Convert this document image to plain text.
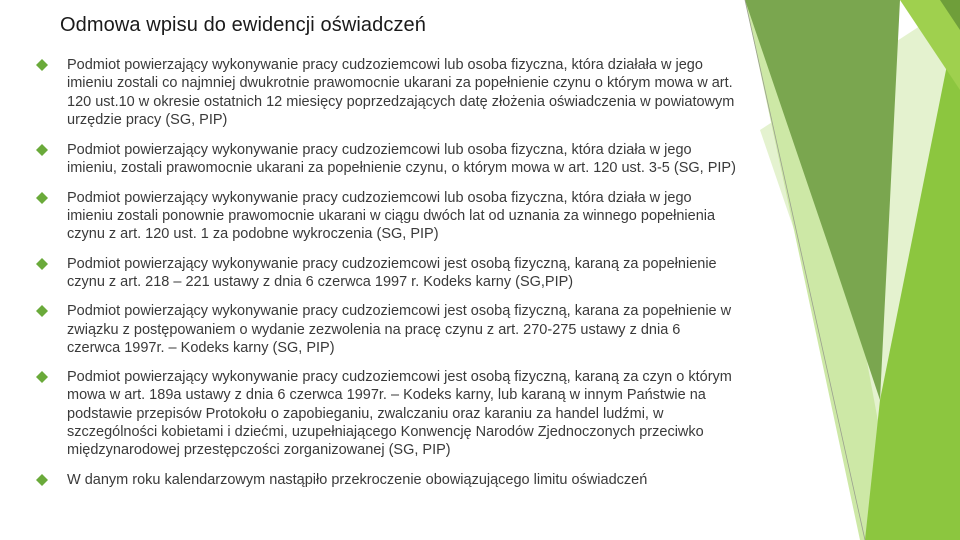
Odmowa wpisu do ewidencji oświadczeń
Podmiot powierzający wykonywanie pracy cudzoziemcowi lub osoba fizyczna, która działała w jego imieniu zostali co najmniej dwukrotnie prawomocnie ukarani za popełnienie czynu o którym mowa w art. 120 ust.10 w okresie ostatnich 12 miesięcy poprzedzających datę złożenia oświadczenia w powiatowym urzędzie pracy (SG, PIP)
Podmiot powierzający wykonywanie pracy cudzoziemcowi lub osoba fizyczna, która działa w jego imieniu, zostali prawomocnie ukarani za popełnienie czynu, o którym mowa w art. 120 ust. 3-5 (SG, PIP)
Podmiot powierzający wykonywanie pracy cudzoziemcowi lub osoba fizyczna, która działa w jego imieniu zostali ponownie prawomocnie ukarani w ciągu dwóch lat od uznania za winnego popełnienia czynu z art. 120 ust. 1 za podobne wykroczenia (SG, PIP)
Podmiot powierzający wykonywanie pracy cudzoziemcowi jest osobą fizyczną, karaną za popełnienie czynu z art. 218 – 221 ustawy z dnia 6 czerwca 1997 r. Kodeks karny (SG,PIP)
Podmiot powierzający wykonywanie pracy cudzoziemcowi jest osobą fizyczną, karana za popełnienie w związku z postępowaniem o wydanie zezwolenia na pracę czynu z art. 270-275 ustawy z dnia 6 czerwca 1997r. – Kodeks karny (SG, PIP)
Podmiot powierzający wykonywanie pracy cudzoziemcowi jest osobą fizyczną, karaną za czyn o którym mowa w art. 189a ustawy z dnia 6 czerwca 1997r. – Kodeks karny, lub karaną w innym Państwie na podstawie przepisów Protokołu o zapobieganiu, zwalczaniu oraz karaniu za handel ludźmi, w szczególności kobietami i dziećmi, uzupełniającego Konwencję Narodów Zjednoczonych przeciwko międzynarodowej przestępczości zorganizowanej (SG, PIP)
W danym roku kalendarzowym nastąpiło przekroczenie obowiązującego limitu oświadczeń
